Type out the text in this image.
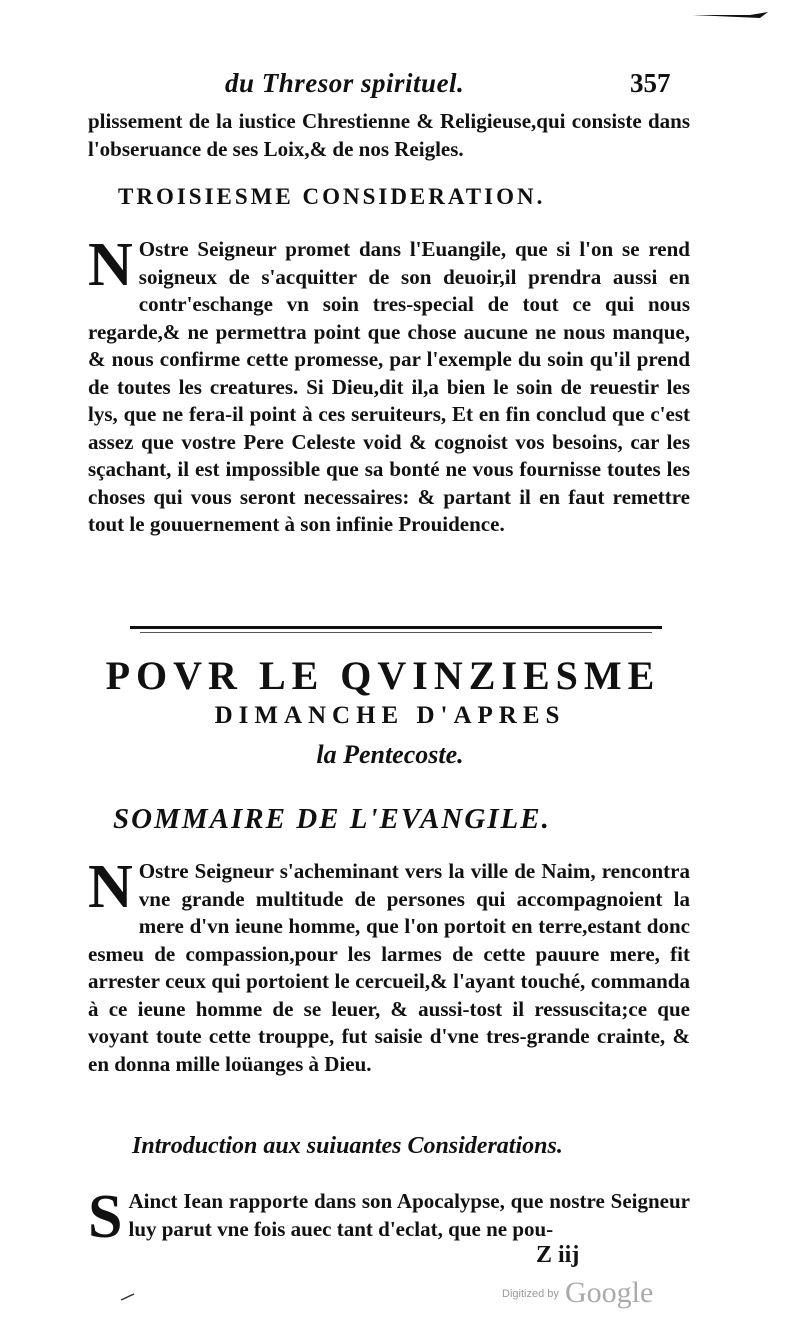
du Thresor spirituel.	357

plissement de la iustice Chrestienne & Religieuse,qui consiste dans l'obseruance de ses Loix,& de nos Reigles.

TROISIESME CONSIDERATION.
N Ostre Seigneur promet dans l'Euangile, que si l'on se rend soigneux de s'acquitter de son deuoir,il prendra aussi en contr'eschange vn soin tres-special de tout ce qui nous regarde,& ne permettra point que chose aucune ne nous manque, & nous confirme cette promesse, par l'exemple du soin qu'il prend de toutes les creatures. Si Dieu,dit il,a bien le soin de reuestir les lys, que ne fera-il point à ces seruiteurs, Et en fin conclud que c'est assez que vostre Pere Celeste void & cognoist vos besoins, car les sçachant, il est impossible que sa bonté ne vous fournisse toutes les choses qui vous seront necessaires: & partant il en faut remettre tout le gouuernement à son infinie Prouidence.

POVR LE QVINZIESME
DIMANCHE D'APRES
la Pentecoste.
SOMMAIRE DE L'EVANGILE.
N Ostre Seigneur s'acheminant vers la ville de Naim, rencontra vne grande multitude de persones qui accompagnoient la mere d'vn ieune homme, que l'on portoit en terre,estant donc esmeu de compassion,pour les larmes de cette pauure mere, fit arrester ceux qui portoient le cercueil,& l'ayant touché, commanda à ce ieune homme de se leuer, & aussi-tost il ressuscita;ce que voyant toute cette trouppe, fut saisie d'vne tres-grande crainte, & en donna mille loüanges à Dieu.

Introduction aux suiuantes Considerations.
S Ainct Iean rapporte dans son Apocalypse, que nostre Seigneur luy parut vne fois auec tant d'eclat, que ne pou-

Z iij
Digitized by Google
